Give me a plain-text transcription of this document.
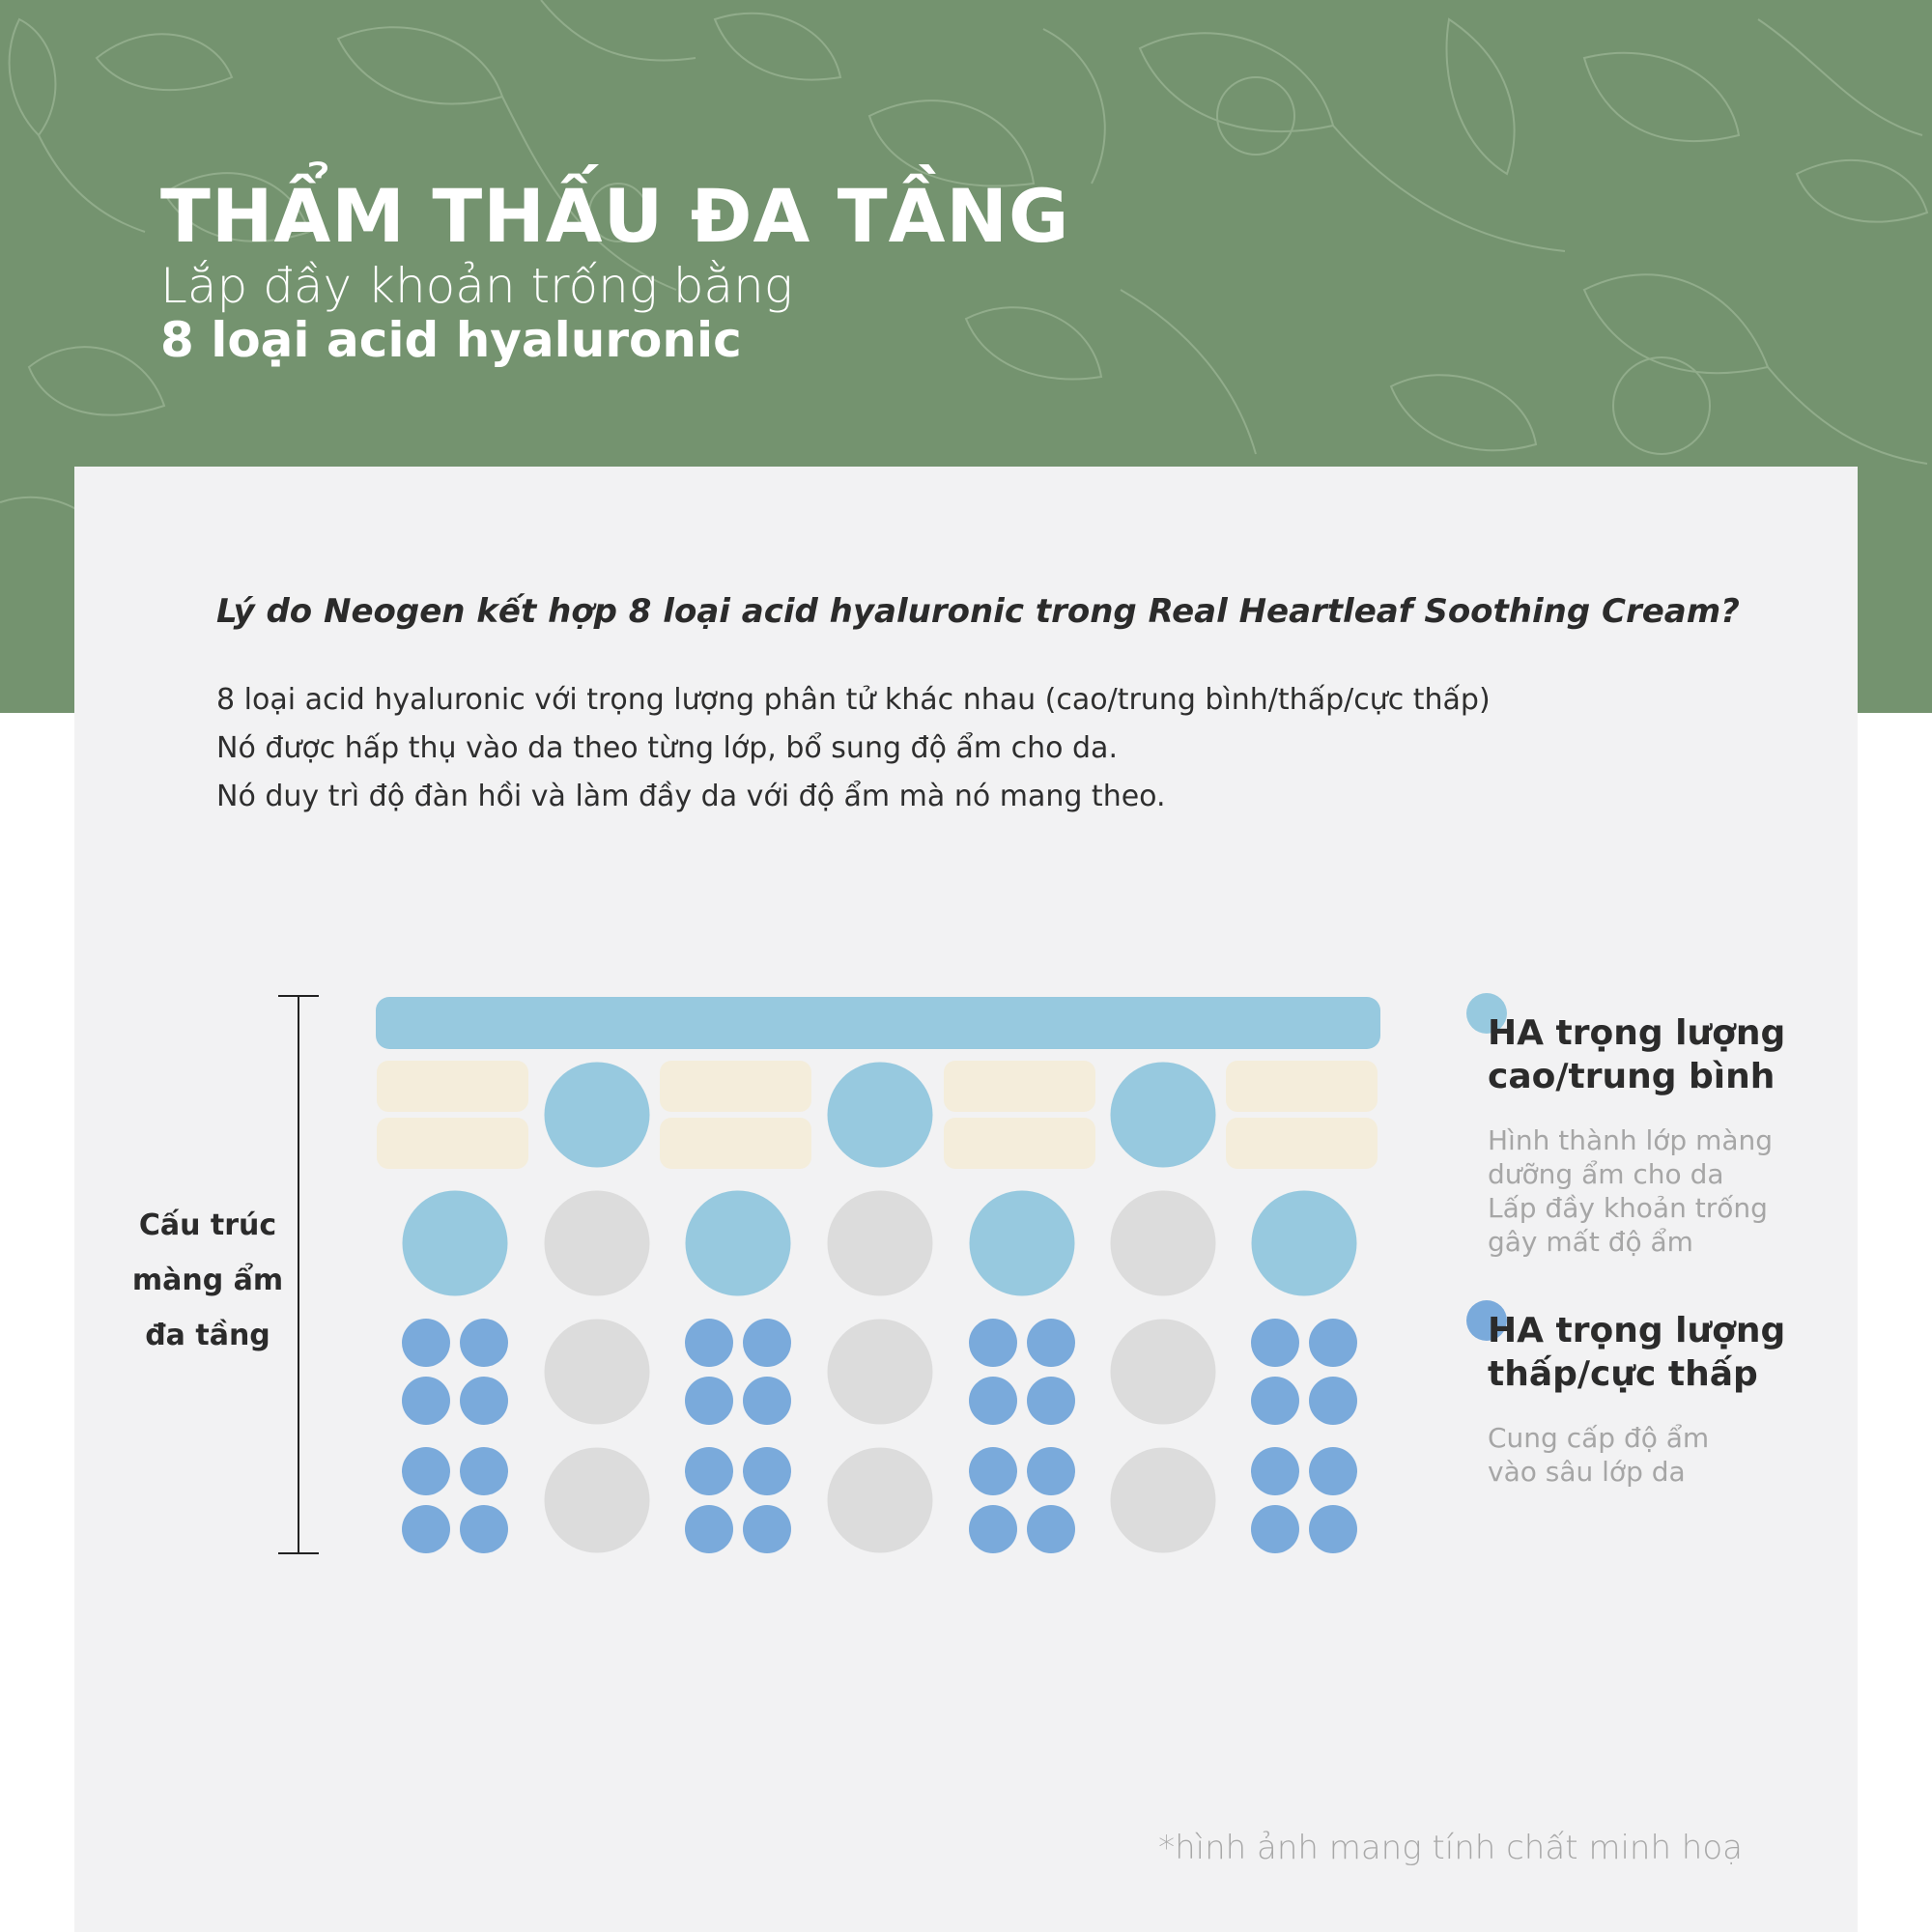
THẨM THẤU ĐA TẦNG
Lắp đầy khoản trống bằng
8 loại acid hyaluronic
Lý do Neogen kết hợp 8 loại acid hyaluronic trong Real Heartleaf Soothing Cream?
8 loại acid hyaluronic với trọng lượng phân tử khác nhau (cao/trung bình/thấp/cực thấp)
Nó được hấp thụ vào da theo từng lớp, bổ sung độ ẩm cho da.
Nó duy trì độ đàn hồi và làm đầy da với độ ẩm mà nó mang theo.
Cấu trúc
màng ẩm
đa tầng
HA trọng lượng
cao/trung bình
Hình thành lớp màng
dưỡng ẩm cho da
Lấp đầy khoản trống
gây mất độ ẩm
HA trọng lượng
thấp/cực thấp
Cung cấp độ ẩm
vào sâu lớp da
*hình ảnh mang tính chất minh hoạ
